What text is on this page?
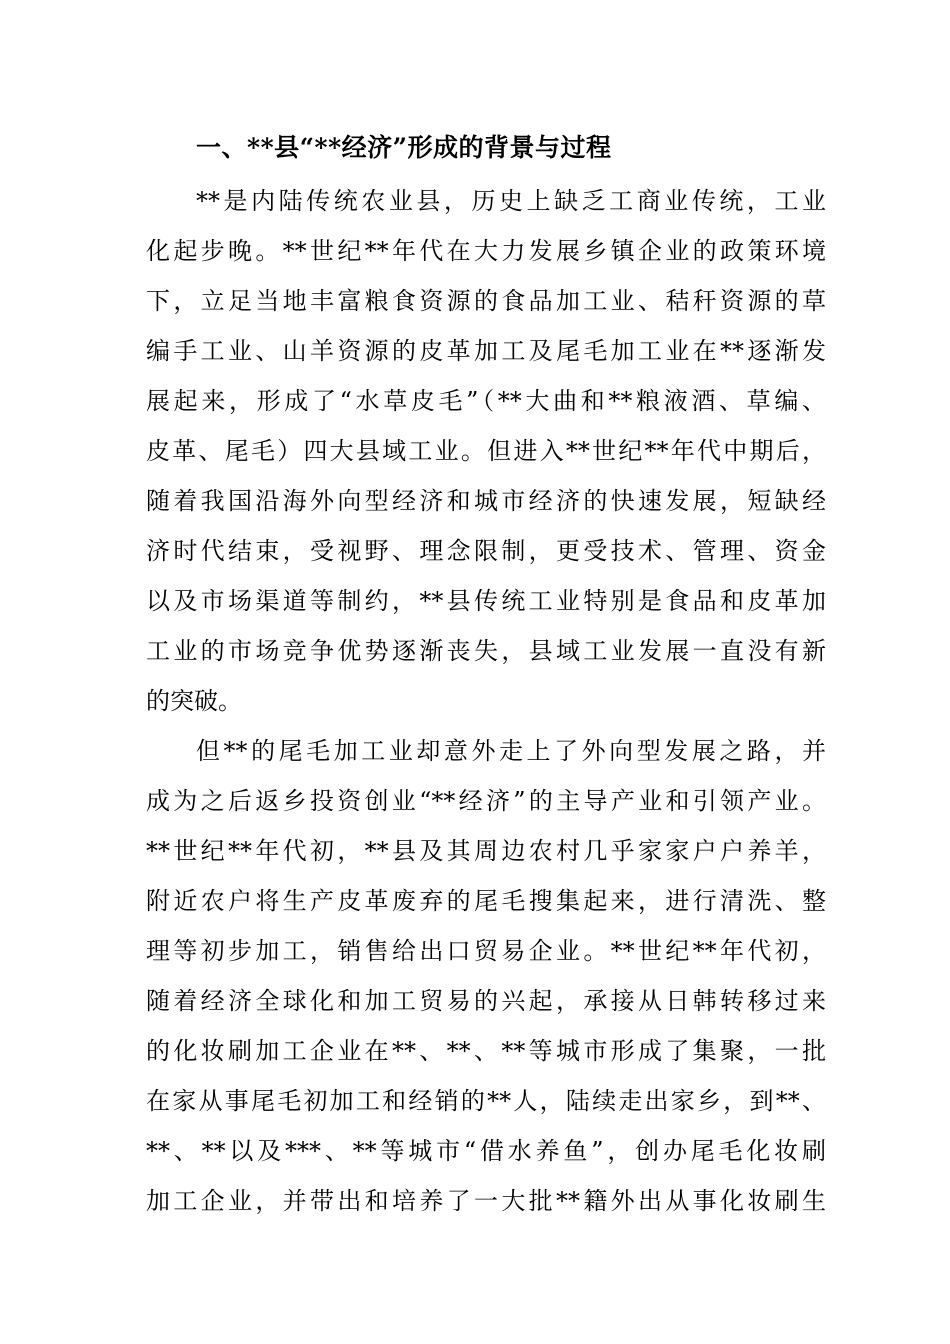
一、**县“**经济”形成的背景与过程
**是内陆传统农业县，历史上缺乏工商业传统，工业
化起步晚。**世纪**年代在大力发展乡镇企业的政策环境
下，立足当地丰富粮食资源的食品加工业、秸秆资源的草
编手工业、山羊资源的皮革加工及尾毛加工业在**逐渐发
展起来，形成了“水草皮毛”（**大曲和**粮液酒、草编、
皮革、尾毛）四大县域工业。但进入**世纪**年代中期后，
随着我国沿海外向型经济和城市经济的快速发展，短缺经
济时代结束，受视野、理念限制，更受技术、管理、资金
以及市场渠道等制约，**县传统工业特别是食品和皮革加
工业的市场竞争优势逐渐丧失，县域工业发展一直没有新
的突破。
但**的尾毛加工业却意外走上了外向型发展之路，并
成为之后返乡投资创业“**经济”的主导产业和引领产业。
**世纪**年代初，**县及其周边农村几乎家家户户养羊，
附近农户将生产皮革废弃的尾毛搜集起来，进行清洗、整
理等初步加工，销售给出口贸易企业。**世纪**年代初，
随着经济全球化和加工贸易的兴起，承接从日韩转移过来
的化妆刷加工企业在**、**、**等城市形成了集聚，一批
在家从事尾毛初加工和经销的**人，陆续走出家乡，到**、
**、**以及***、**等城市“借水养鱼”，创办尾毛化妆刷
加工企业，并带出和培养了一大批**籍外出从事化妆刷生
